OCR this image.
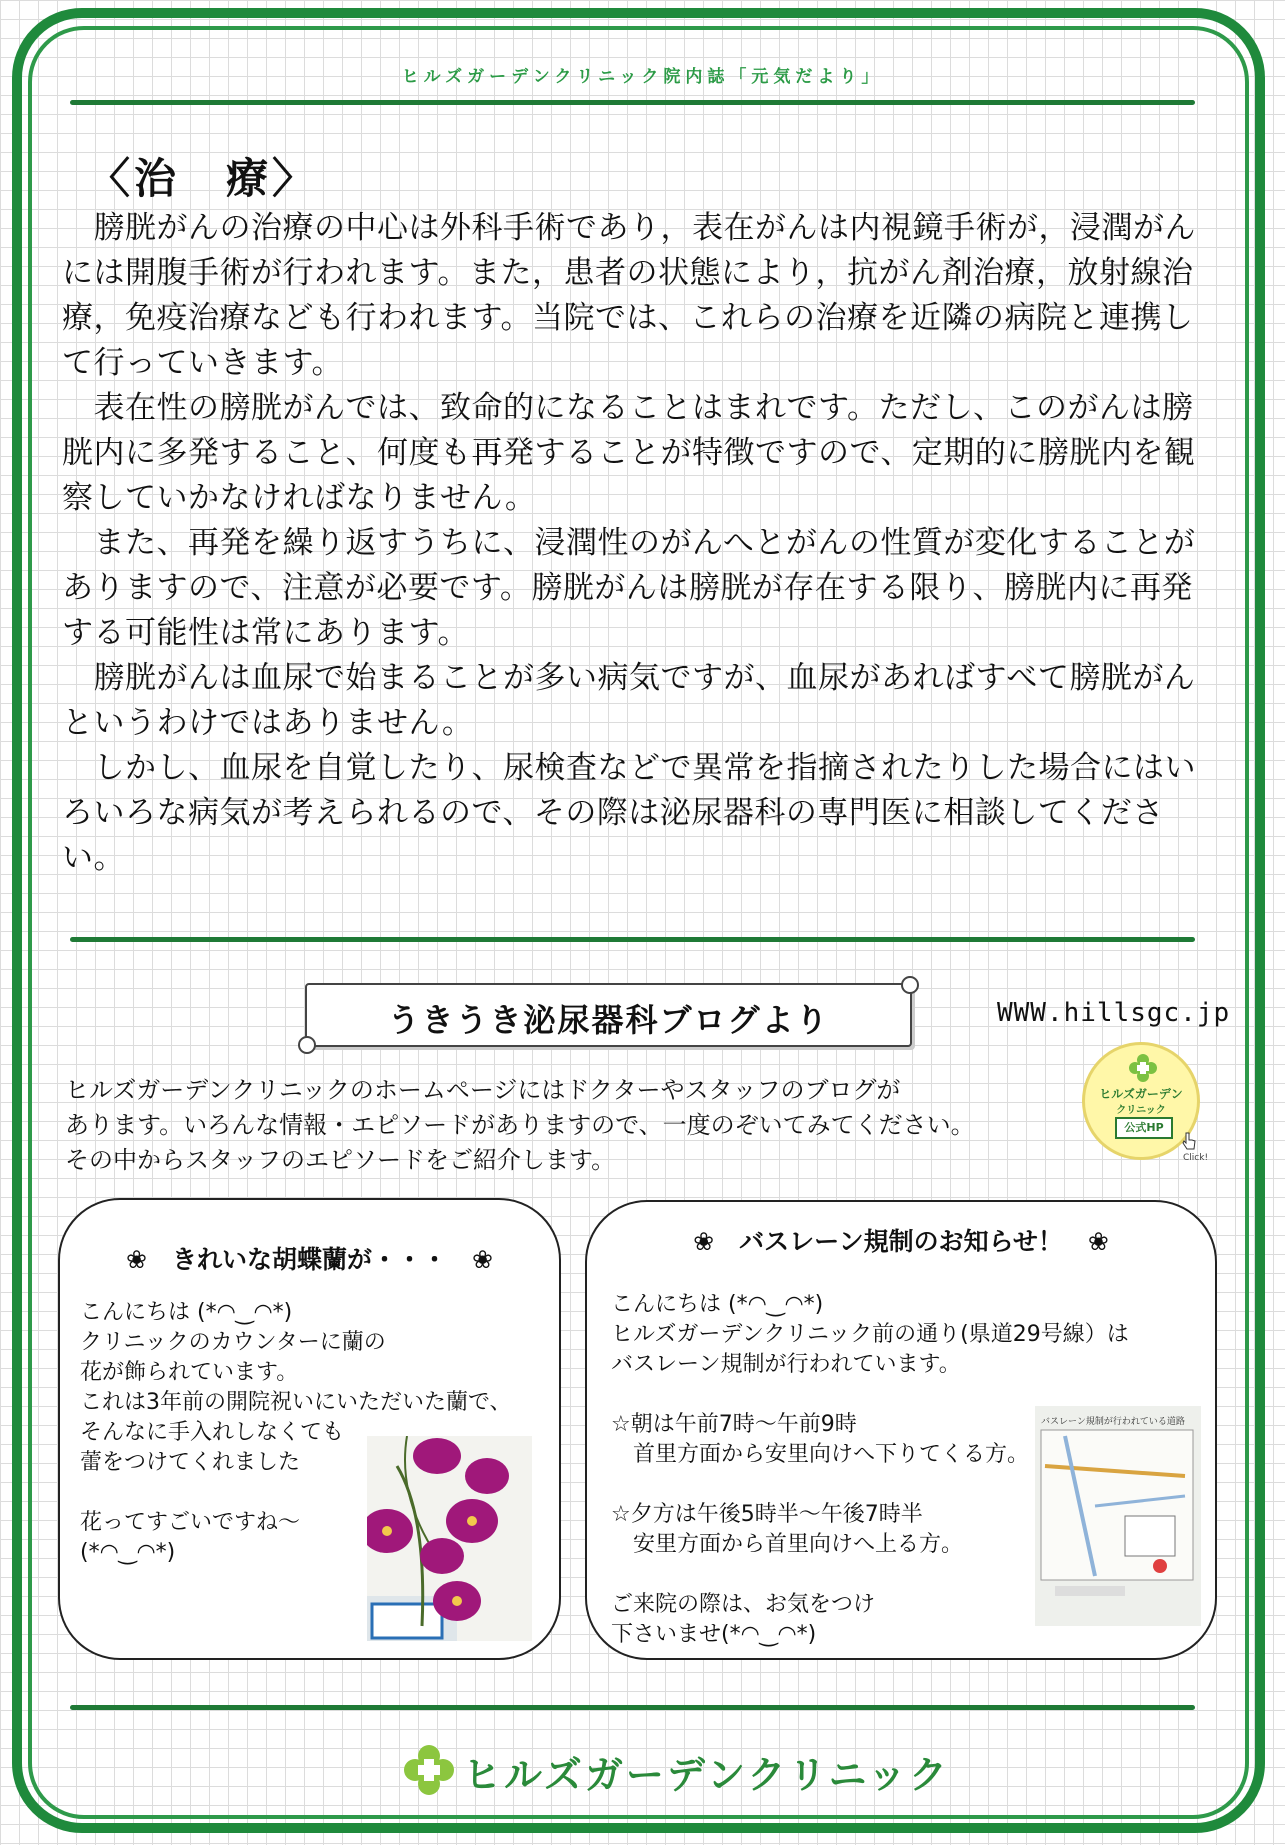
ヒルズガーデンクリニック院内誌「元気だより」
〈治　療〉

　膀胱がんの治療の中心は外科手術であり，表在がんは内視鏡手術が，浸潤がんには開腹手術が行われます。また，患者の状態により，抗がん剤治療，放射線治療，免疫治療なども行われます。当院では、これらの治療を近隣の病院と連携して行っていきます。

　表在性の膀胱がんでは、致命的になることはまれです。ただし、このがんは膀胱内に多発すること、何度も再発することが特徴ですので、定期的に膀胱内を観察していかなければなりません。

　また、再発を繰り返すうちに、浸潤性のがんへとがんの性質が変化することがありますので、注意が必要です。膀胱がんは膀胱が存在する限り、膀胱内に再発する可能性は常にあります。

　膀胱がんは血尿で始まることが多い病気ですが、血尿があればすべて膀胱がんというわけではありません。

　しかし、血尿を自覚したり、尿検査などで異常を指摘されたりした場合にはいろいろな病気が考えられるので、その際は泌尿器科の専門医に相談してください。

うきうき泌尿器科ブログより	WWW.hillsgc.jp

ヒルズガーデンクリニックのホームページにはドクターやスタッフのブログが

あります。いろんな情報・エピソードがありますので、一度のぞいてみてください。

その中からスタッフのエピソードをご紹介します。

ヒルズガーデン
クリニック
公式HP
Click!
❀　きれいな胡蝶蘭が・・・　❀
こんにちは (*◠‿◠*)
クリニックのカウンターに蘭の
花が飾られています。
これは3年前の開院祝いにいただいた蘭で、
そんなに手入れしなくても
蕾をつけてくれました

花ってすごいですね～
(*◠‿◠*)
❀　バスレーン規制のお知らせ！　❀
こんにちは (*◠‿◠*)
ヒルズガーデンクリニック前の通り(県道29号線）は
バスレーン規制が行われています。

☆朝は午前7時～午前9時
　首里方面から安里向けへ下りてくる方。

☆夕方は午後5時半～午後7時半
　安里方面から首里向けへ上る方。

ご来院の際は、お気をつけ
下さいませ(*◠‿◠*)
バスレーン規制が行われている道路
ヒルズガーデンクリニック
